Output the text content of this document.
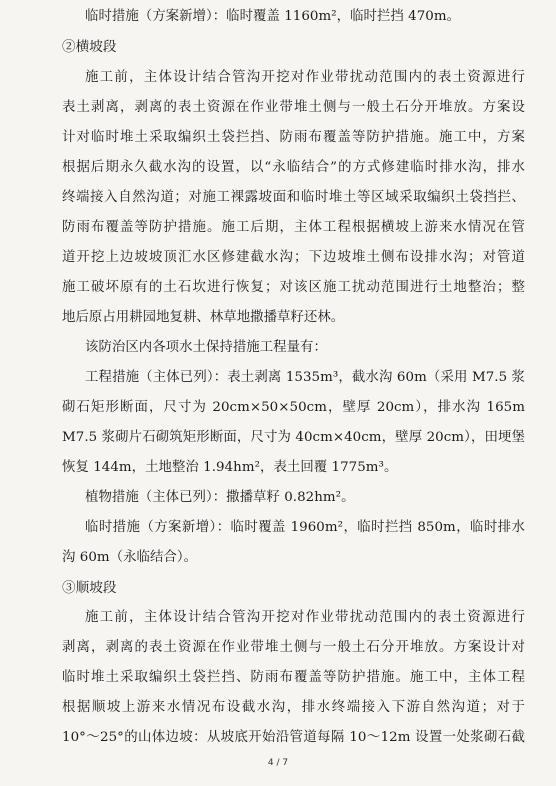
临时措施（方案新增）：临时覆盖 1160m²，临时拦挡 470m。
②横坡段
施工前，主体设计结合管沟开挖对作业带扰动范围内的表土资源进行
表土剥离，剥离的表土资源在作业带堆土侧与一般土石分开堆放。方案设
计对临时堆土采取编织土袋拦挡、防雨布覆盖等防护措施。施工中，方案
根据后期永久截水沟的设置，以“永临结合”的方式修建临时排水沟，排水
终端接入自然沟道；对施工裸露坡面和临时堆土等区域采取编织土袋挡拦、
防雨布覆盖等防护措施。施工后期，主体工程根据横坡上游来水情况在管
道开挖上边坡坡顶汇水区修建截水沟；下边坡堆土侧布设排水沟；对管道
施工破坏原有的土石坎进行恢复；对该区施工扰动范围进行土地整治；整
地后原占用耕园地复耕、林草地撒播草籽还林。
该防治区内各项水土保持措施工程量有：
工程措施（主体已列）：表土剥离 1535m³，截水沟 60m（采用 M7.5 浆
砌石矩形断面，尺寸为 20cm×50×50cm，壁厚 20cm），排水沟 165m
M7.5 浆砌片石砌筑矩形断面，尺寸为 40cm×40cm，壁厚 20cm），田埂堡
恢复 144m，土地整治 1.94hm²，表土回覆 1775m³。
植物措施（主体已列）：撒播草籽 0.82hm²。
临时措施（方案新增）：临时覆盖 1960m²，临时拦挡 850m，临时排水
沟 60m（永临结合）。
③顺坡段
施工前，主体设计结合管沟开挖对作业带扰动范围内的表土资源进行
剥离，剥离的表土资源在作业带堆土侧与一般土石分开堆放。方案设计对
临时堆土采取编织土袋拦挡、防雨布覆盖等防护措施。施工中，主体工程
根据顺坡上游来水情况布设截水沟，排水终端接入下游自然沟道；对于
10°～25°的山体边坡：从坡底开始沿管道每隔 10～12m 设置一处浆砌石截
4 / 7
